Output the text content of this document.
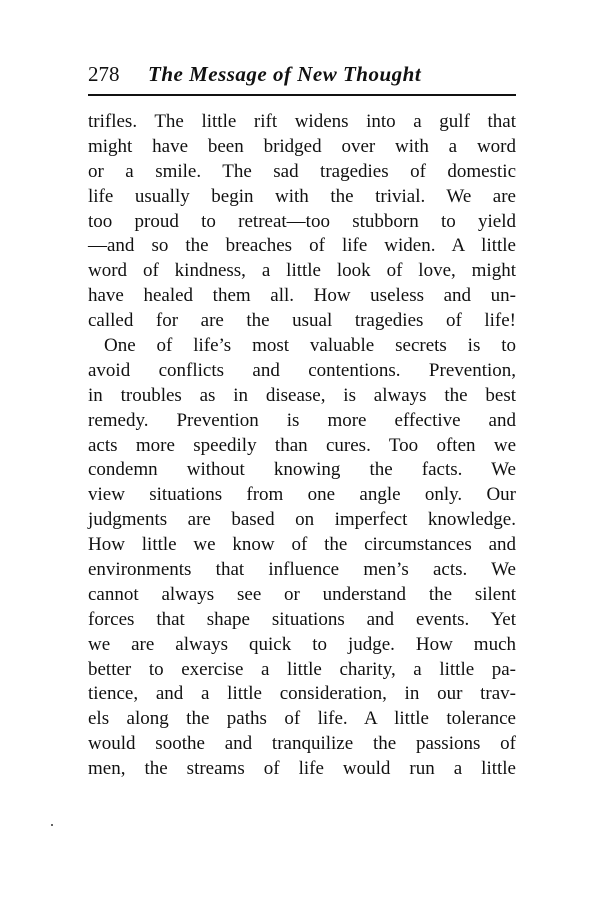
278 The Message of New Thought
trifles. The little rift widens into a gulf that
might have been bridged over with a word
or a smile. The sad tragedies of domestic
life usually begin with the trivial. We are
too proud to retreat—too stubborn to yield
—and so the breaches of life widen. A little
word of kindness, a little look of love, might
have healed them all. How useless and un-
called for are the usual tragedies of life!
One of life’s most valuable secrets is to
avoid conflicts and contentions. Prevention,
in troubles as in disease, is always the best
remedy. Prevention is more effective and
acts more speedily than cures. Too often we
condemn without knowing the facts. We
view situations from one angle only. Our
judgments are based on imperfect knowledge.
How little we know of the circumstances and
environments that influence men’s acts. We
cannot always see or understand the silent
forces that shape situations and events. Yet
we are always quick to judge. How much
better to exercise a little charity, a little pa-
tience, and a little consideration, in our trav-
els along the paths of life. A little tolerance
would soothe and tranquilize the passions of
men, the streams of life would run a little
